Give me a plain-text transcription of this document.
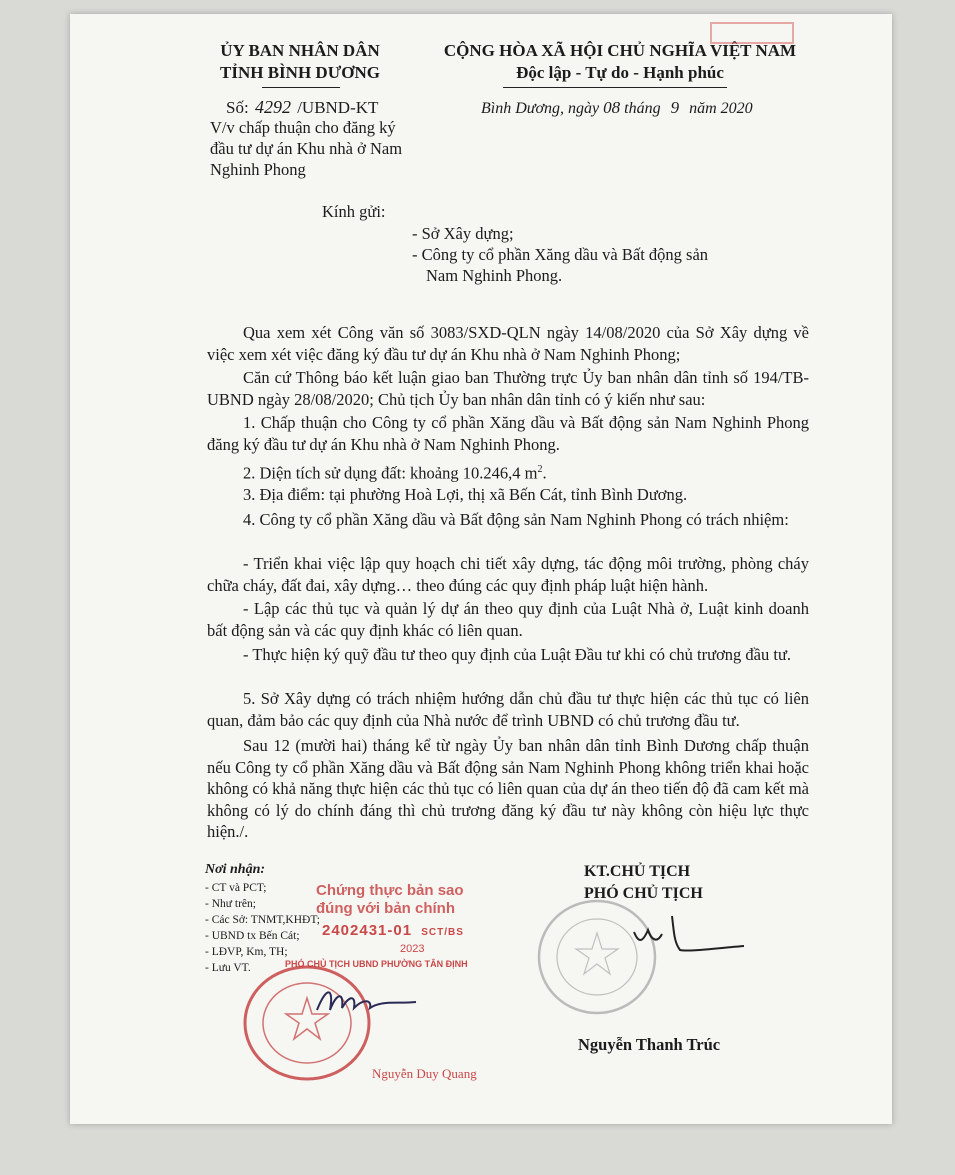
ỦY BAN NHÂN DÂN
TỈNH BÌNH DƯƠNG
CỘNG HÒA XÃ HỘI CHỦ NGHĨA VIỆT NAM
Độc lập - Tự do - Hạnh phúc
Số: 4292 /UBND-KT	Bình Dương, ngày 08 tháng 9 năm 2020
V/v chấp thuận cho đăng ký
đầu tư dự án Khu nhà ở Nam
Nghinh Phong
Kính gửi:
- Sở Xây dựng;
- Công ty cổ phần Xăng dầu và Bất động sản
Nam Nghinh Phong.
Qua xem xét Công văn số 3083/SXD-QLN ngày 14/08/2020 của Sở Xây dựng về việc xem xét việc đăng ký đầu tư dự án Khu nhà ở Nam Nghinh Phong;
Căn cứ Thông báo kết luận giao ban Thường trực Ủy ban nhân dân tỉnh số 194/TB-UBND ngày 28/08/2020; Chủ tịch Ủy ban nhân dân tỉnh có ý kiến như sau:
1. Chấp thuận cho Công ty cổ phần Xăng dầu và Bất động sản Nam Nghinh Phong đăng ký đầu tư dự án Khu nhà ở Nam Nghinh Phong.
2. Diện tích sử dụng đất: khoảng 10.246,4 $m^2$.
3. Địa điểm: tại phường Hoà Lợi, thị xã Bến Cát, tỉnh Bình Dương.
4. Công ty cổ phần Xăng dầu và Bất động sản Nam Nghinh Phong có trách nhiệm:
- Triển khai việc lập quy hoạch chi tiết xây dựng, tác động môi trường, phòng cháy chữa cháy, đất đai, xây dựng… theo đúng các quy định pháp luật hiện hành.
- Lập các thủ tục và quản lý dự án theo quy định của Luật Nhà ở, Luật kinh doanh bất động sản và các quy định khác có liên quan.
- Thực hiện ký quỹ đầu tư theo quy định của Luật Đầu tư khi có chủ trương đầu tư.
5. Sở Xây dựng có trách nhiệm hướng dẫn chủ đầu tư thực hiện các thủ tục có liên quan, đảm bảo các quy định của Nhà nước để trình UBND có chủ trương đầu tư.
Sau 12 (mười hai) tháng kể từ ngày Ủy ban nhân dân tỉnh Bình Dương chấp thuận nếu Công ty cổ phần Xăng dầu và Bất động sản Nam Nghinh Phong không triển khai hoặc không có khả năng thực hiện các thủ tục có liên quan của dự án theo tiến độ đã cam kết mà không có lý do chính đáng thì chủ trương đăng ký đầu tư này không còn hiệu lực thực hiện./.
Nơi nhận:
- CT và PCT;
- Như trên;
- Các Sở: TNMT,KHĐT;
- UBND tx Bến Cát;
- LĐVP, Km, TH;
- Lưu VT.
Chứng thực bản sao
đúng với bản chính
2402431-01 SCT/BS
2023
PHÓ CHỦ TỊCH UBND PHƯỜNG TÂN ĐỊNH
Nguyễn Duy Quang
KT.CHỦ TỊCH
PHÓ CHỦ TỊCH
Nguyễn Thanh Trúc
